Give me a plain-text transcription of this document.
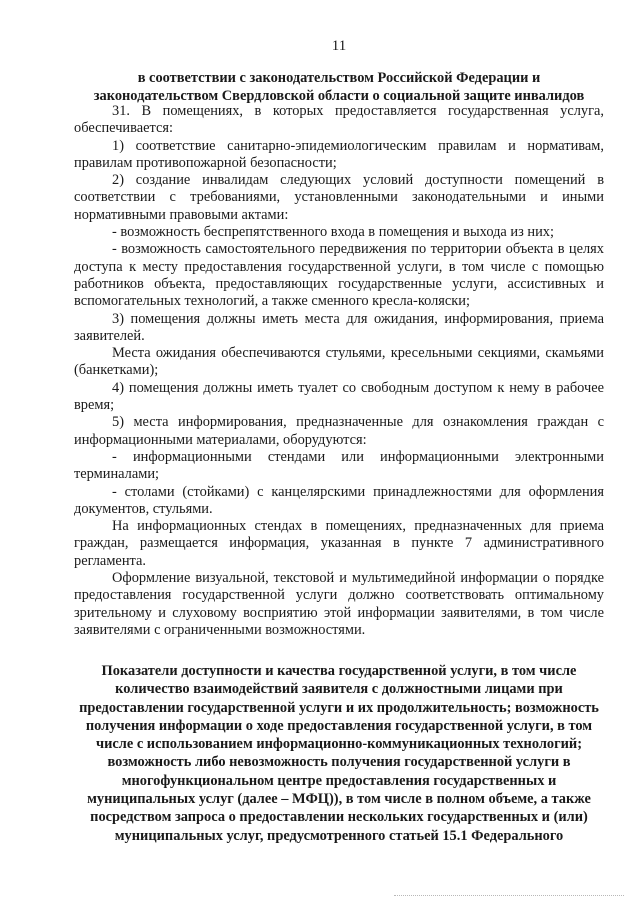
11
в соответствии с законодательством Российской Федерации и законодательством Свердловской области о социальной защите инвалидов

31. В помещениях, в которых предоставляется государственная услуга, обеспечивается:

1) соответствие санитарно-эпидемиологическим правилам и нормативам, правилам противопожарной безопасности;

2) создание инвалидам следующих условий доступности помещений в соответствии с требованиями, установленными законодательными и иными нормативными правовыми актами:

- возможность беспрепятственного входа в помещения и выхода из них;

- возможность самостоятельного передвижения по территории объекта в целях доступа к месту предоставления государственной услуги, в том числе с помощью работников объекта, предоставляющих государственные услуги, ассистивных и вспомогательных технологий, а также сменного кресла-коляски;

3) помещения должны иметь места для ожидания, информирования, приема заявителей.

Места ожидания обеспечиваются стульями, кресельными секциями, скамьями (банкетками);

4) помещения должны иметь туалет со свободным доступом к нему в рабочее время;

5) места информирования, предназначенные для ознакомления граждан с информационными материалами, оборудуются:

- информационными стендами или информационными электронными терминалами;

- столами (стойками) с канцелярскими принадлежностями для оформления документов, стульями.

На информационных стендах в помещениях, предназначенных для приема граждан, размещается информация, указанная в пункте 7 административного регламента.

Оформление визуальной, текстовой и мультимедийной информации о порядке предоставления государственной услуги должно соответствовать оптимальному зрительному и слуховому восприятию этой информации заявителями, в том числе заявителями с ограниченными возможностями.

Показатели доступности и качества государственной услуги, в том числе количество взаимодействий заявителя с должностными лицами при предоставлении государственной услуги и их продолжительность; возможность получения информации о ходе предоставления государственной услуги, в том числе с использованием информационно-коммуникационных технологий; возможность либо невозможность получения государственной услуги в многофункциональном центре предоставления государственных и муниципальных услуг (далее – МФЦ)), в том числе в полном объеме, а также посредством запроса о предоставлении нескольких государственных и (или) муниципальных услуг, предусмотренного статьей 15.1 Федерального
